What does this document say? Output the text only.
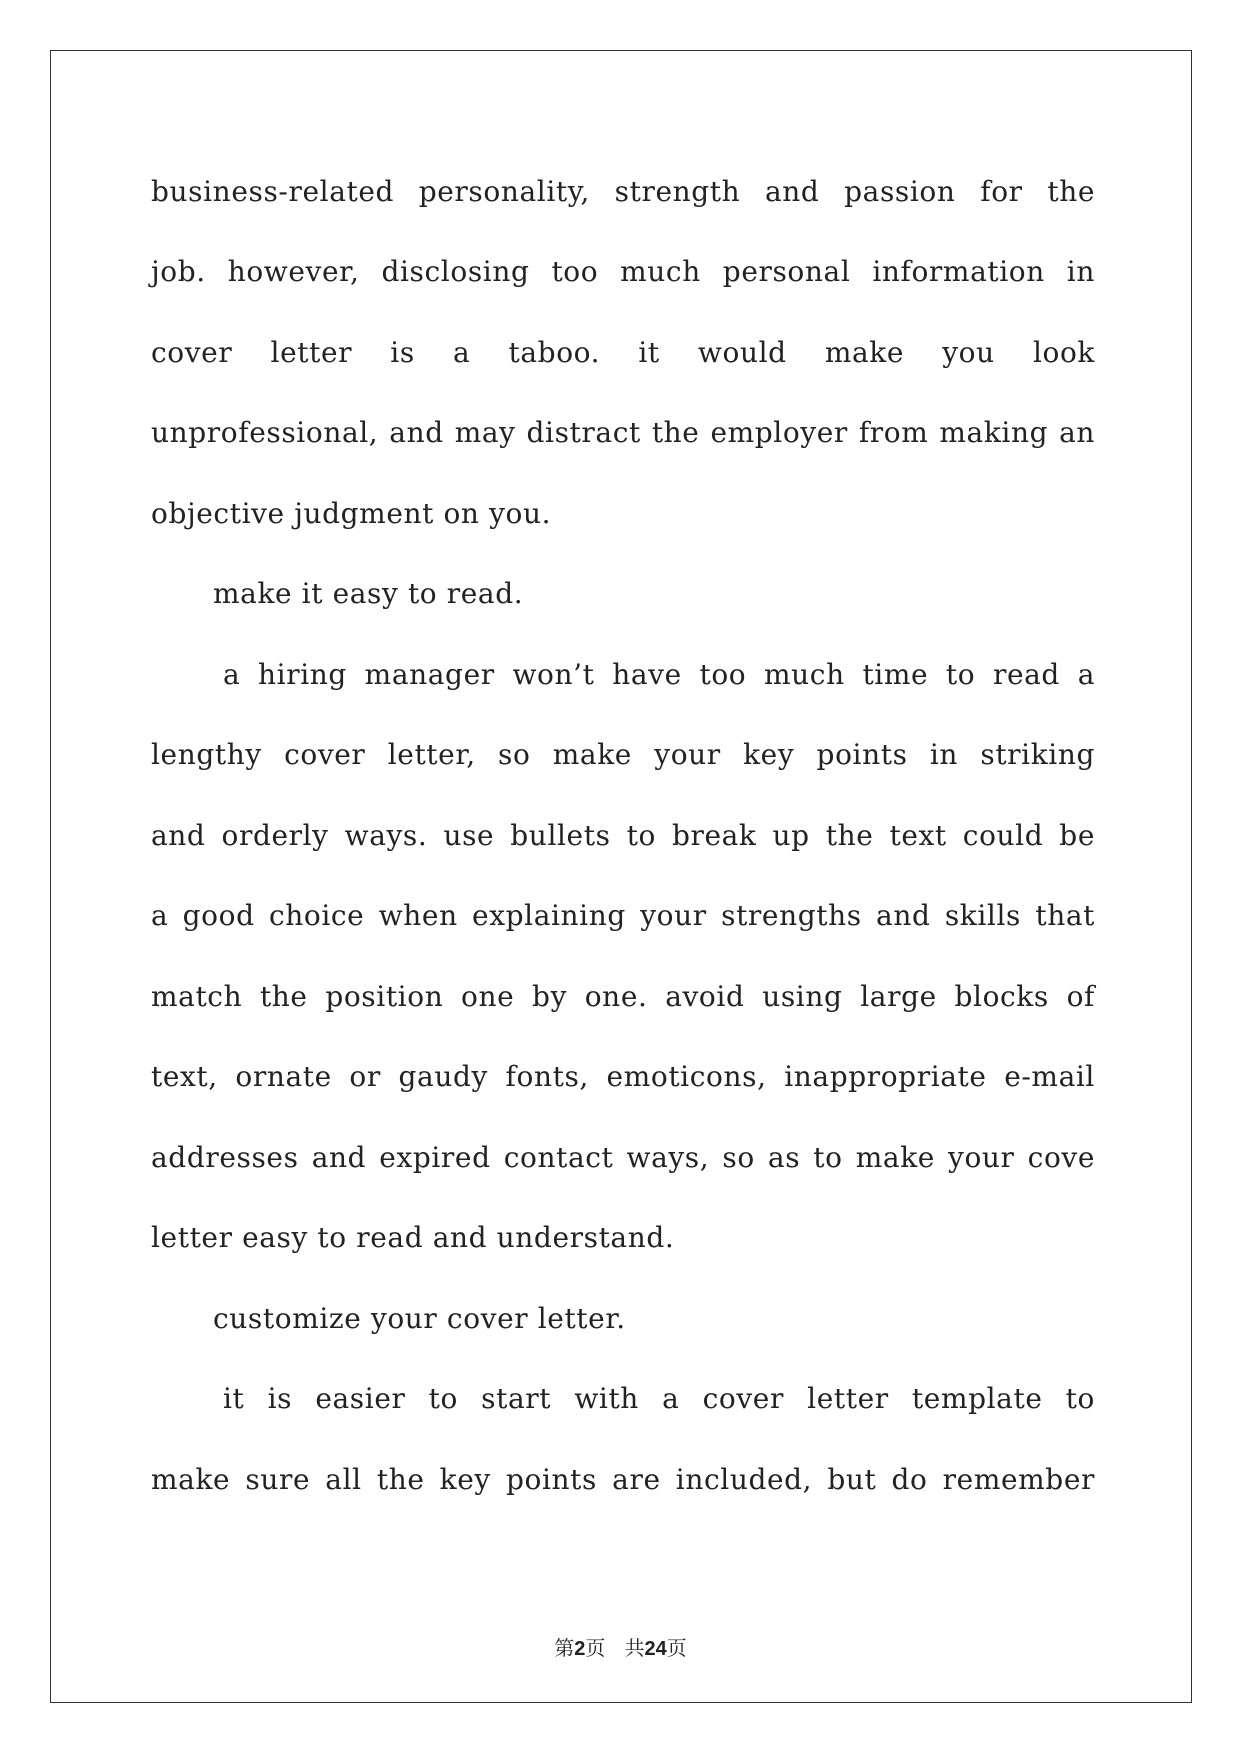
business-related personality, strength and passion for the
job. however, disclosing too much personal information in
cover letter is a taboo. it would make you look
unprofessional, and may distract the employer from making an
objective judgment on you.
make it easy to read.
a hiring manager won’t have too much time to read a
lengthy cover letter, so make your key points in striking
and orderly ways. use bullets to break up the text could be
a good choice when explaining your strengths and skills that
match the position one by one. avoid using large blocks of
text, ornate or gaudy fonts, emoticons, inappropriate e-mail
addresses and expired contact ways, so as to make your cove
letter easy to read and understand.
customize your cover letter.
it is easier to start with a cover letter template to
make sure all the key points are included, but do remember
第2页 共24页
